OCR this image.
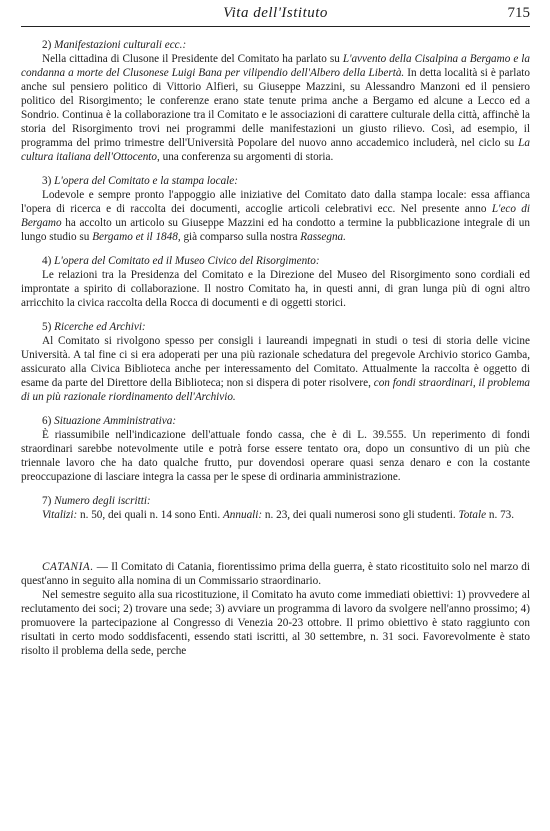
Vita dell'Istituto	715

2) Manifestazioni culturali ecc.:

Nella cittadina di Clusone il Presidente del Comitato ha parlato su L'avvento della Cisalpina a Bergamo e la condanna a morte del Clusonese Luigi Bana per vilipendio dell'Albero della Libertà. In detta località si è parlato anche sul pensiero politico di Vittorio Alfieri, su Giuseppe Mazzini, su Alessandro Manzoni ed il pensiero politico del Risorgimento; le conferenze erano state tenute prima anche a Bergamo ed alcune a Lecco ed a Sondrio. Continua è la collaborazione tra il Comitato e le associazioni di carattere culturale della città, affinchè la storia del Risorgimento trovi nei programmi delle manifestazioni un giusto rilievo. Così, ad esempio, il programma del primo trimestre dell'Università Popolare del nuovo anno accademico includerà, nel ciclo su La cultura italiana dell'Ottocento, una conferenza su argomenti di storia.

3) L'opera del Comitato e la stampa locale:

Lodevole e sempre pronto l'appoggio alle iniziative del Comitato dato dalla stampa locale: essa affianca l'opera di ricerca e di raccolta dei documenti, accoglie articoli celebrativi ecc. Nel presente anno L'eco di Bergamo ha accolto un articolo su Giuseppe Mazzini ed ha condotto a termine la pubblicazione integrale di un lungo studio su Bergamo et il 1848, già comparso sulla nostra Rassegna.

4) L'opera del Comitato ed il Museo Civico del Risorgimento:

Le relazioni tra la Presidenza del Comitato e la Direzione del Museo del Risorgimento sono cordiali ed improntate a spirito di collaborazione. Il nostro Comitato ha, in questi anni, di gran lunga più di ogni altro arricchito la civica raccolta della Rocca di documenti e di oggetti storici.

5) Ricerche ed Archivi:

Al Comitato si rivolgono spesso per consigli i laureandi impegnati in studi o tesi di storia delle vicine Università. A tal fine ci si era adoperati per una più razionale schedatura del pregevole Archivio storico Gamba, assicurato alla Civica Biblioteca anche per interessamento del Comitato. Attualmente la raccolta è oggetto di esame da parte del Direttore della Biblioteca; non si dispera di poter risolvere, con fondi straordinari, il problema di un più razionale riordinamento dell'Archivio.

6) Situazione Amministrativa:

È riassumibile nell'indicazione dell'attuale fondo cassa, che è di L. 39.555. Un reperimento di fondi straordinari sarebbe notevolmente utile e potrà forse essere tentato ora, dopo un consuntivo di un più che triennale lavoro che ha dato qualche frutto, pur dovendosi operare quasi senza denaro e con la costante preoccupazione di lasciare integra la cassa per le spese di ordinaria amministrazione.

7) Numero degli iscritti:

Vitalizi: n. 50, dei quali n. 14 sono Enti. Annuali: n. 23, dei quali numerosi sono gli studenti. Totale n. 73.

CATANIA. — Il Comitato di Catania, fiorentissimo prima della guerra, è stato ricostituito solo nel marzo di quest'anno in seguito alla nomina di un Commissario straordinario.

Nel semestre seguito alla sua ricostituzione, il Comitato ha avuto come immediati obiettivi: 1) provvedere al reclutamento dei soci; 2) trovare una sede; 3) avviare un programma di lavoro da svolgere nell'anno prossimo; 4) promuovere la partecipazione al Congresso di Venezia 20-23 ottobre. Il primo obiettivo è stato raggiunto con risultati in certo modo soddisfacenti, essendo stati iscritti, al 30 settembre, n. 31 soci. Favorevolmente è stato risolto il problema della sede, perche
